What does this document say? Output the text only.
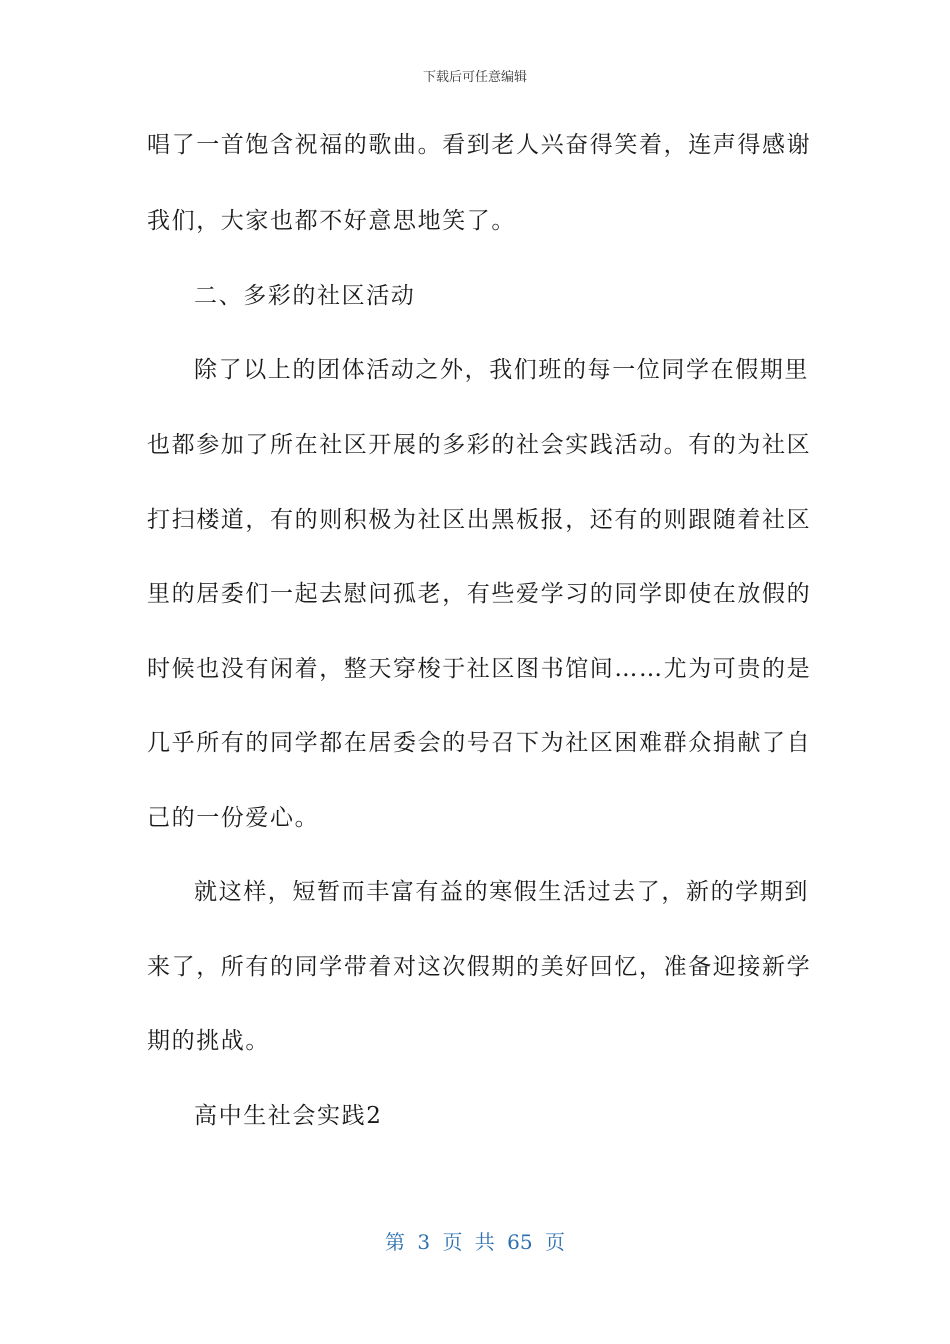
下载后可任意编辑
唱了一首饱含祝福的歌曲。看到老人兴奋得笑着，连声得感谢
我们，大家也都不好意思地笑了。
二、多彩的社区活动
除了以上的团体活动之外，我们班的每一位同学在假期里
也都参加了所在社区开展的多彩的社会实践活动。有的为社区
打扫楼道，有的则积极为社区出黑板报，还有的则跟随着社区
里的居委们一起去慰问孤老，有些爱学习的同学即使在放假的
时候也没有闲着，整天穿梭于社区图书馆间……尤为可贵的是
几乎所有的同学都在居委会的号召下为社区困难群众捐献了自
己的一份爱心。
就这样，短暂而丰富有益的寒假生活过去了，新的学期到
来了，所有的同学带着对这次假期的美好回忆，准备迎接新学
期的挑战。
高中生社会实践2
第 3 页 共 65 页
